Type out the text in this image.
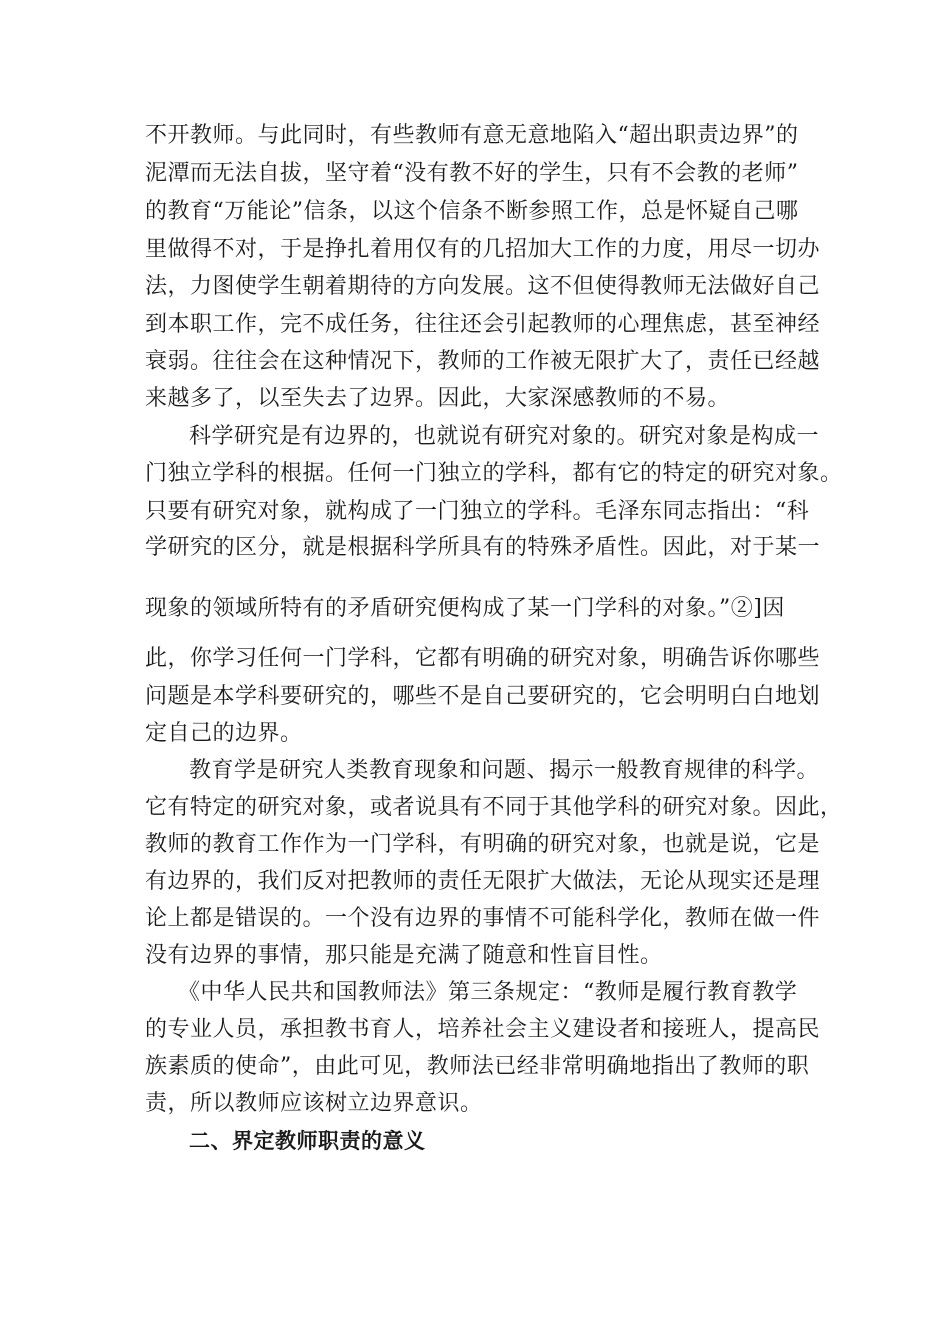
不开教师。与此同时，有些教师有意无意地陷入“超出职责边界”的
泥潭而无法自拔，坚守着“没有教不好的学生，只有不会教的老师”
的教育“万能论”信条，以这个信条不断参照工作，总是怀疑自己哪
里做得不对，于是挣扎着用仅有的几招加大工作的力度，用尽一切办
法，力图使学生朝着期待的方向发展。这不但使得教师无法做好自己
到本职工作，完不成任务，往往还会引起教师的心理焦虑，甚至神经
衰弱。往往会在这种情况下，教师的工作被无限扩大了，责任已经越
来越多了，以至失去了边界。因此，大家深感教师的不易。
科学研究是有边界的，也就说有研究对象的。研究对象是构成一
门独立学科的根据。任何一门独立的学科，都有它的特定的研究对象。
只要有研究对象，就构成了一门独立的学科。毛泽东同志指出：“科
学研究的区分，就是根据科学所具有的特殊矛盾性。因此，对于某一
现象的领域所特有的矛盾研究便构成了某一门学科的对象。”②]因
此，你学习任何一门学科，它都有明确的研究对象，明确告诉你哪些
问题是本学科要研究的，哪些不是自己要研究的，它会明明白白地划
定自己的边界。
教育学是研究人类教育现象和问题、揭示一般教育规律的科学。
它有特定的研究对象，或者说具有不同于其他学科的研究对象。因此，
教师的教育工作作为一门学科，有明确的研究对象，也就是说，它是
有边界的，我们反对把教师的责任无限扩大做法，无论从现实还是理
论上都是错误的。一个没有边界的事情不可能科学化，教师在做一件
没有边界的事情，那只能是充满了随意和性盲目性。
《中华人民共和国教师法》第三条规定：“教师是履行教育教学
的专业人员，承担教书育人，培养社会主义建设者和接班人，提高民
族素质的使命”，由此可见，教师法已经非常明确地指出了教师的职
责，所以教师应该树立边界意识。
二、界定教师职责的意义
